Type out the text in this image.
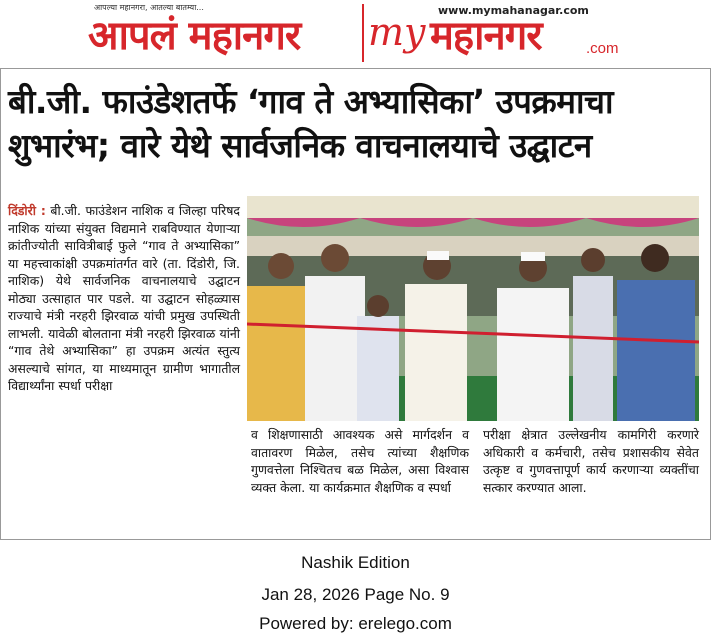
आपल्या महानगरा, आतल्या बातम्या...
आपलं महानगर
www.mymahanagar.com
my महानगर	.com
बी.जी. फाउंडेशतर्फे ‘गाव ते अभ्यासिका’ उपक्रमाचा शुभारंभ; वारे येथे सार्वजनिक वाचनालयाचे उद्घाटन
दिंडोरी : बी.जी. फाउंडेशन नाशिक व जिल्हा परिषद नाशिक यांच्या संयुक्त विद्यमाने राबविण्यात येणाऱ्या क्रांतीज्योती सावित्रीबाई फुले “गाव ते अभ्यासिका” या महत्त्वाकांक्षी उपक्रमांतर्गत वारे (ता. दिंडोरी, जि. नाशिक) येथे सार्वजनिक वाचनालयाचे उद्घाटन मोठ्या उत्साहात पार पडले. या उद्घाटन सोहळ्यास राज्याचे मंत्री नरहरी झिरवाळ यांची प्रमुख उपस्थिती लाभली. यावेळी बोलताना मंत्री नरहरी झिरवाळ यांनी “गाव तेथे अभ्यासिका” हा उपक्रम अत्यंत स्तुत्य असल्याचे सांगत, या माध्यमातून ग्रामीण भागातील विद्यार्थ्यांना स्पर्धा परीक्षा
व शिक्षणासाठी आवश्यक असे मार्गदर्शन व वातावरण मिळेल, तसेच त्यांच्या शैक्षणिक गुणवत्तेला निश्चितच बळ मिळेल, असा विश्वास व्यक्त केला. या कार्यक्रमात शैक्षणिक व स्पर्धा
परीक्षा क्षेत्रात उल्लेखनीय कामगिरी करणारे अधिकारी व कर्मचारी, तसेच प्रशासकीय सेवेत उत्कृष्ट व गुणवत्तापूर्ण कार्य करणाऱ्या व्यक्तींचा सत्कार करण्यात आला.
Nashik Edition
Jan 28, 2026 Page No. 9
Powered by: erelego.com
